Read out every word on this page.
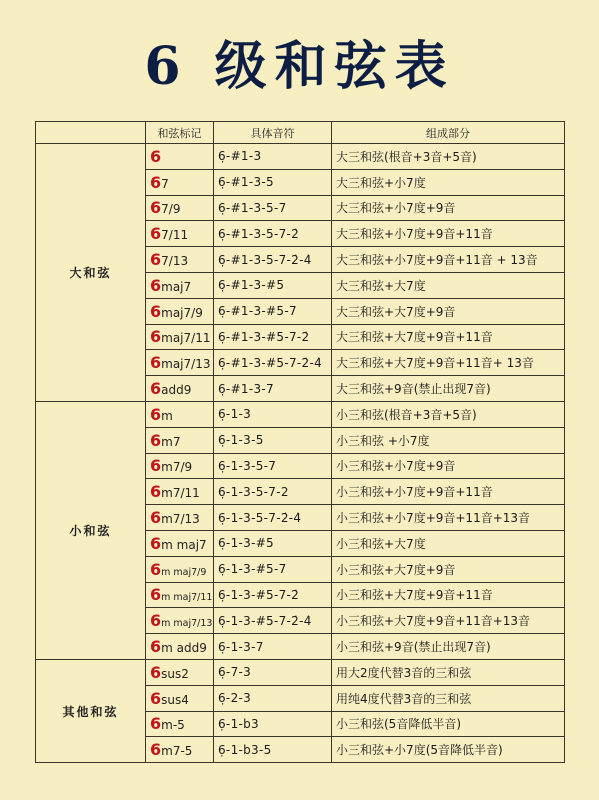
6 级和弦表
	和弦标记	具体音符	组成部分
大和弦	6	6̣-#1-3	大三和弦(根音+3音+5音)
	67	6̣-#1-3-5	大三和弦+小7度
	67/9	6̣-#1-3-5-7	大三和弦+小7度+9音
	67/11	6̣-#1-3-5-7-2̇	大三和弦+小7度+9音+11音
	67/13	6̣-#1-3-5-7-2̇-4̇	大三和弦+小7度+9音+11音 + 13音
	6maj7	6̣-#1-3-#5	大三和弦+大7度
	6maj7/9	6̣-#1-3-#5-7	大三和弦+大7度+9音
	6maj7/11	6̣-#1-3-#5-7-2̇	大三和弦+大7度+9音+11音
	6maj7/13	6̣-#1-3-#5-7-2̇-4̇	大三和弦+大7度+9音+11音+ 13音
	6add9	6̣-#1-3-7	大三和弦+9音(禁止出现7音)
小和弦	6m	6̣-1-3	小三和弦(根音+3音+5音)
	6m7	6̣-1-3-5	小三和弦 +小7度
	6m7/9	6̣-1-3-5-7	小三和弦+小7度+9音
	6m7/11	6̣-1-3-5-7-2	小三和弦+小7度+9音+11音
	6m7/13	6̣-1-3-5-7-2̇-4̇	小三和弦+小7度+9音+11音+13音
	6m maj7	6̣-1-3-#5	小三和弦+大7度
	6m maj7/9	6̣-1-3-#5-7	小三和弦+大7度+9音
	6m maj7/11	6̣-1-3-#5-7-2̇	小三和弦+大7度+9音+11音
	6m maj7/13	6̣-1-3-#5-7-2̇-4̇	小三和弦+大7度+9音+11音+13音
	6m add9	6̣-1-3-7	小三和弦+9音(禁止出现7音)
其他和弦	6sus2	6̣-7-3	用大2度代替3音的三和弦
	6sus4	6̣-2-3	用纯4度代替3音的三和弦
	6m-5	6̣-1-b3	小三和弦(5音降低半音)
	6m7-5	6̣-1-b3-5	小三和弦+小7度(5音降低半音)
